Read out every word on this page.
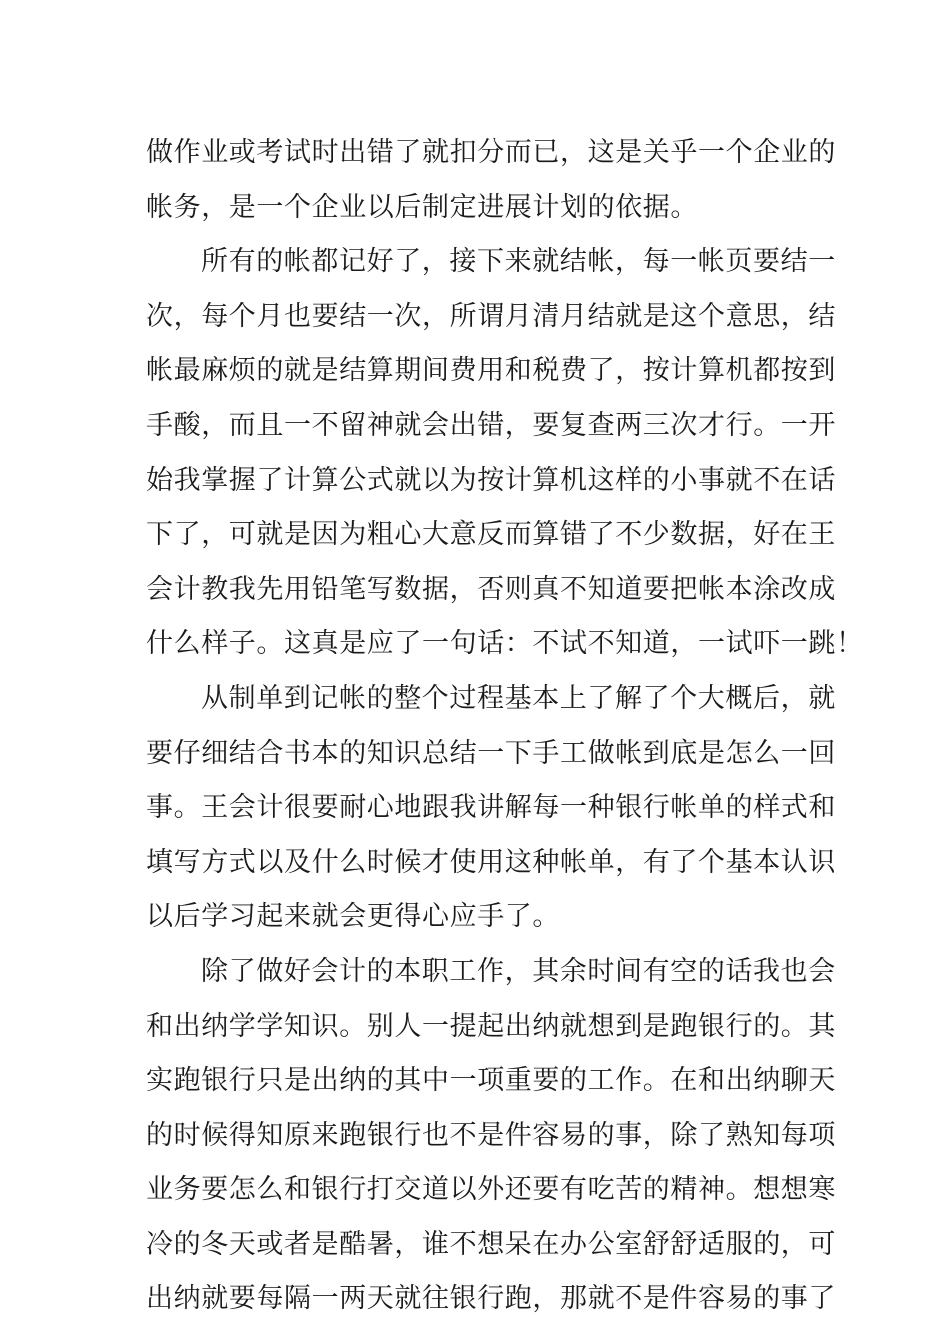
做作业或考试时出错了就扣分而已，这是关乎一个企业的
帐务，是一个企业以后制定进展计划的依据。
所有的帐都记好了，接下来就结帐，每一帐页要结一
次，每个月也要结一次，所谓月清月结就是这个意思，结
帐最麻烦的就是结算期间费用和税费了，按计算机都按到
手酸，而且一不留神就会出错，要复查两三次才行。一开
始我掌握了计算公式就以为按计算机这样的小事就不在话
下了，可就是因为粗心大意反而算错了不少数据，好在王
会计教我先用铅笔写数据，否则真不知道要把帐本涂改成
什么样子。这真是应了一句话：不试不知道，一试吓一跳！
从制单到记帐的整个过程基本上了解了个大概后，就
要仔细结合书本的知识总结一下手工做帐到底是怎么一回
事。王会计很要耐心地跟我讲解每一种银行帐单的样式和
填写方式以及什么时候才使用这种帐单，有了个基本认识
以后学习起来就会更得心应手了。
除了做好会计的本职工作，其余时间有空的话我也会
和出纳学学知识。别人一提起出纳就想到是跑银行的。其
实跑银行只是出纳的其中一项重要的工作。在和出纳聊天
的时候得知原来跑银行也不是件容易的事，除了熟知每项
业务要怎么和银行打交道以外还要有吃苦的精神。想想寒
冷的冬天或者是酷暑，谁不想呆在办公室舒舒适服的，可
出纳就要每隔一两天就往银行跑，那就不是件容易的事了
